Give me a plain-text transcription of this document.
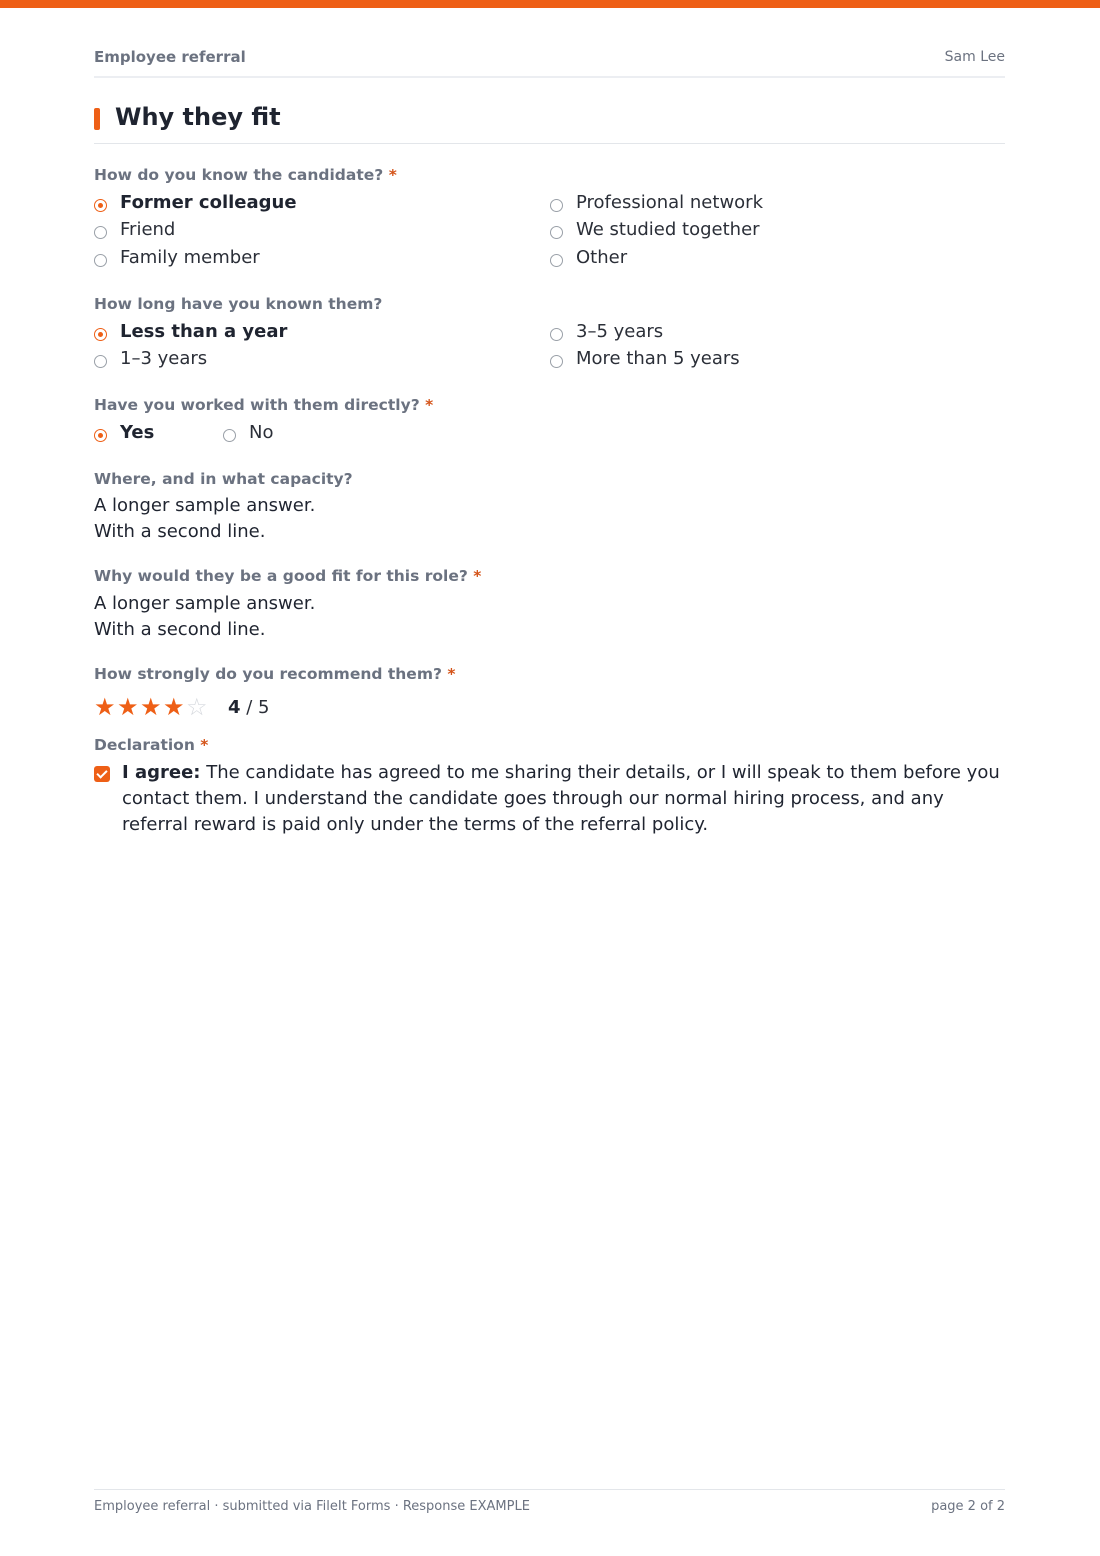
Employee referral	Sam Lee
Why they fit
How do you know the candidate? *
Former colleague
Friend
Family member
Professional network
We studied together
Other
How long have you known them?
Less than a year
1–3 years
3–5 years
More than 5 years
Have you worked with them directly? *
Yes	No
Where, and in what capacity?
A longer sample answer.
With a second line.
Why would they be a good fit for this role? *
A longer sample answer.
With a second line.
How strongly do you recommend them? *
★ ★ ★ ★ ☆ 4 / 5
Declaration *
I agree: The candidate has agreed to me sharing their details, or I will speak to them before you contact them. I understand the candidate goes through our normal hiring process, and any referral reward is paid only under the terms of the referral policy.
Employee referral · submitted via FileIt Forms · Response EXAMPLE	page 2 of 2
